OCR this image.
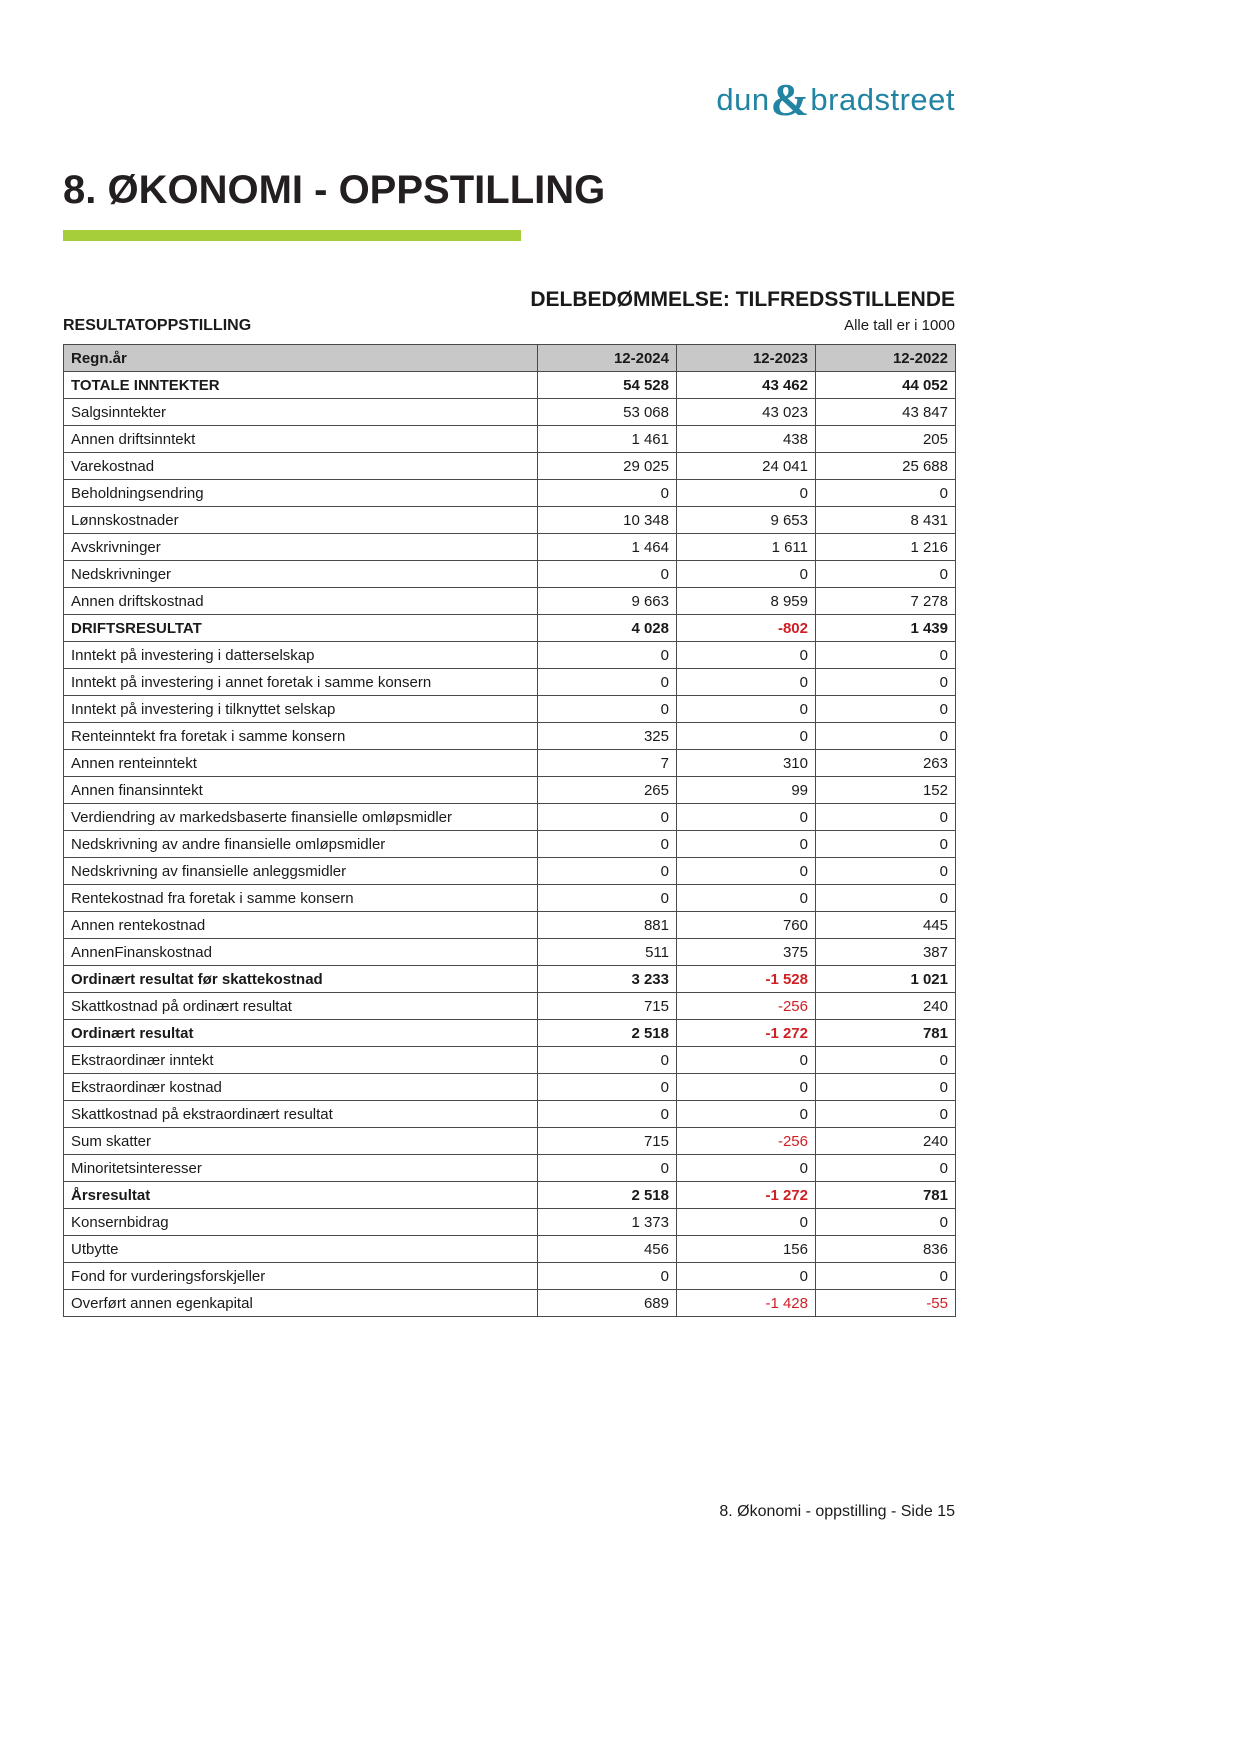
dun&bradstreet
8. ØKONOMI - OPPSTILLING
DELBEDØMMELSE: TILFREDSSTILLENDE
RESULTATOPPSTILLING	Alle tall er i 1000
Regn.år	12-2024	12-2023	12-2022
TOTALE INNTEKTER	54 528	43 462	44 052
Salgsinntekter	53 068	43 023	43 847
Annen driftsinntekt	1 461	438	205
Varekostnad	29 025	24 041	25 688
Beholdningsendring	0	0	0
Lønnskostnader	10 348	9 653	8 431
Avskrivninger	1 464	1 611	1 216
Nedskrivninger	0	0	0
Annen driftskostnad	9 663	8 959	7 278
DRIFTSRESULTAT	4 028	-802	1 439
Inntekt på investering i datterselskap	0	0	0
Inntekt på investering i annet foretak i samme konsern	0	0	0
Inntekt på investering i tilknyttet selskap	0	0	0
Renteinntekt fra foretak i samme konsern	325	0	0
Annen renteinntekt	7	310	263
Annen finansinntekt	265	99	152
Verdiendring av markedsbaserte finansielle omløpsmidler	0	0	0
Nedskrivning av andre finansielle omløpsmidler	0	0	0
Nedskrivning av finansielle anleggsmidler	0	0	0
Rentekostnad fra foretak i samme konsern	0	0	0
Annen rentekostnad	881	760	445
AnnenFinanskostnad	511	375	387
Ordinært resultat før skattekostnad	3 233	-1 528	1 021
Skattkostnad på ordinært resultat	715	-256	240
Ordinært resultat	2 518	-1 272	781
Ekstraordinær inntekt	0	0	0
Ekstraordinær kostnad	0	0	0
Skattkostnad på ekstraordinært resultat	0	0	0
Sum skatter	715	-256	240
Minoritetsinteresser	0	0	0
Årsresultat	2 518	-1 272	781
Konsernbidrag	1 373	0	0
Utbytte	456	156	836
Fond for vurderingsforskjeller	0	0	0
Overført annen egenkapital	689	-1 428	-55
8. Økonomi - oppstilling - Side 15
